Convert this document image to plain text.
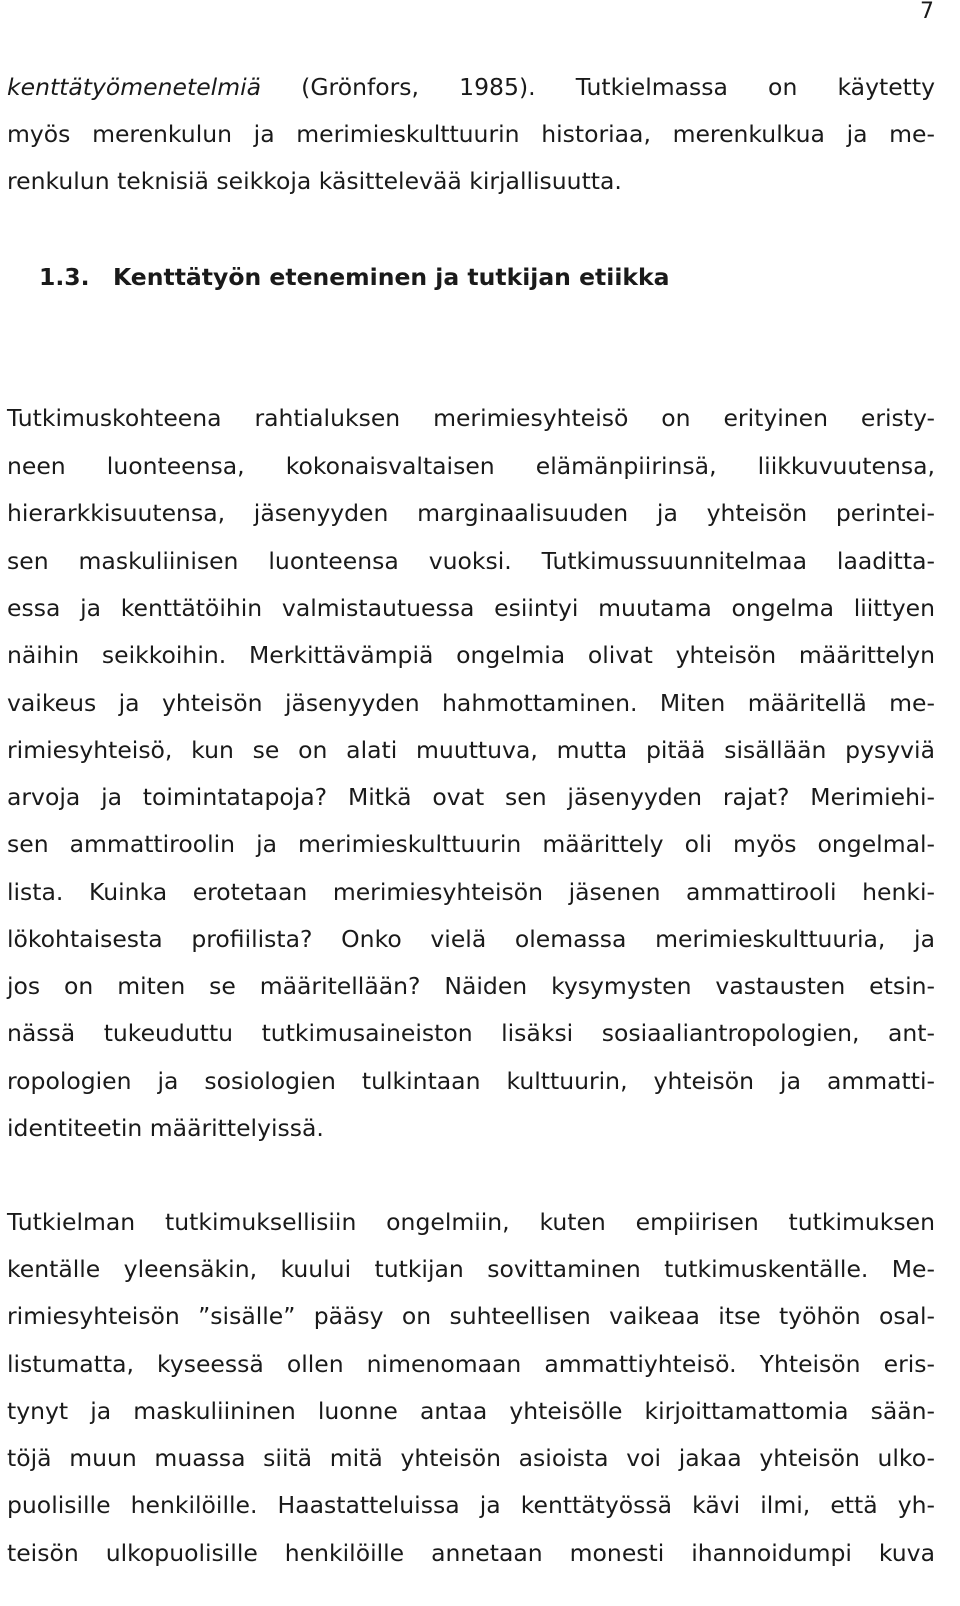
7
kenttätyömenetelmiä (Grönfors, 1985). Tutkielmassa on käytetty
myös merenkulun ja merimieskulttuurin historiaa, merenkulkua ja me-
renkulun teknisiä seikkoja käsittelevää kirjallisuutta.
1.3. Kenttätyön eteneminen ja tutkijan etiikka
Tutkimuskohteena rahtialuksen merimiesyhteisö on erityinen eristy-
neen luonteensa, kokonaisvaltaisen elämänpiirinsä, liikkuvuutensa,
hierarkkisuutensa, jäsenyyden marginaalisuuden ja yhteisön perintei-
sen maskuliinisen luonteensa vuoksi. Tutkimussuunnitelmaa laaditta-
essa ja kenttätöihin valmistautuessa esiintyi muutama ongelma liittyen
näihin seikkoihin. Merkittävämpiä ongelmia olivat yhteisön määrittelyn
vaikeus ja yhteisön jäsenyyden hahmottaminen. Miten määritellä me-
rimiesyhteisö, kun se on alati muuttuva, mutta pitää sisällään pysyviä
arvoja ja toimintatapoja? Mitkä ovat sen jäsenyyden rajat? Merimiehi-
sen ammattiroolin ja merimieskulttuurin määrittely oli myös ongelmal-
lista. Kuinka erotetaan merimiesyhteisön jäsenen ammattirooli henki-
lökohtaisesta profiilista? Onko vielä olemassa merimieskulttuuria, ja
jos on miten se määritellään? Näiden kysymysten vastausten etsin-
nässä tukeuduttu tutkimusaineiston lisäksi sosiaaliantropologien, ant-
ropologien ja sosiologien tulkintaan kulttuurin, yhteisön ja ammatti-
identiteetin määrittelyissä.
Tutkielman tutkimuksellisiin ongelmiin, kuten empiirisen tutkimuksen
kentälle yleensäkin, kuului tutkijan sovittaminen tutkimuskentälle. Me-
rimiesyhteisön ”sisälle” pääsy on suhteellisen vaikeaa itse työhön osal-
listumatta, kyseessä ollen nimenomaan ammattiyhteisö. Yhteisön eris-
tynyt ja maskuliininen luonne antaa yhteisölle kirjoittamattomia sään-
töjä muun muassa siitä mitä yhteisön asioista voi jakaa yhteisön ulko-
puolisille henkilöille. Haastatteluissa ja kenttätyössä kävi ilmi, että yh-
teisön ulkopuolisille henkilöille annetaan monesti ihannoidumpi kuva
